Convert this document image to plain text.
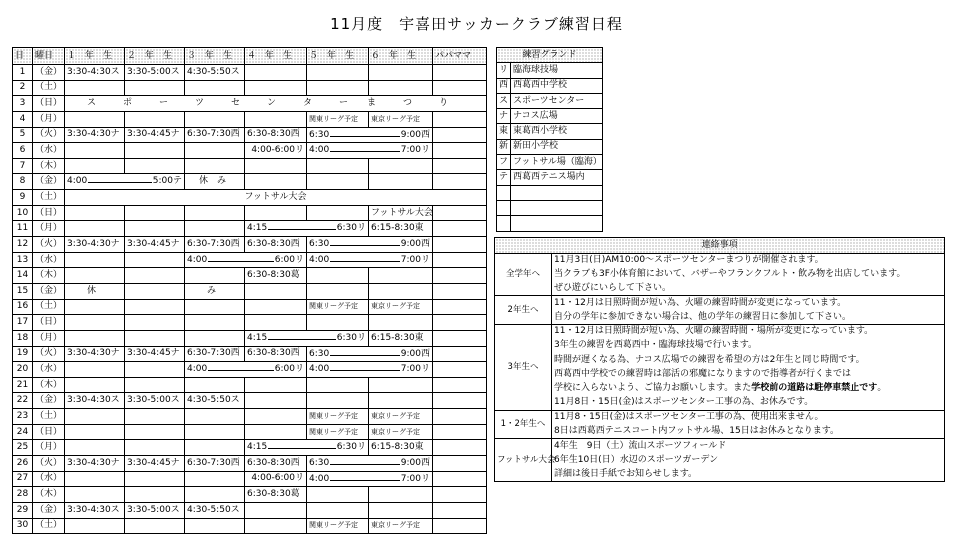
11月度　宇喜田サッカークラブ練習日程
日	曜日	１　年　生	２　年　生	３　年　生	４　年　生	５　年　生	６　年　生	パパママ	
1	（金）	3:30-4:30ス	3:30-5:00ス	4:30-5:50ス					
2	（土）								
3	（日）	ス ポ ー ツ セ ン タ ー ま つ り							
4	（月）					関東リーグ予定	東京リーグ予定		
5	（火）	3:30-4:30ナ	3:30-4:45ナ	6:30-7:30西	6:30-8:30西	6:30 9:00西			

6	（水）				4:00-6:00リ	4:00 7:00リ			

7	（木）								
8	（金）	4:00 5:00テ		休　み					
9	（土）	フットサル大会							
10	（日）						フットサル大会		
11	（月）				4:15 6:30リ		6:15-8:30東		
12	（火）	3:30-4:30ナ	3:30-4:45ナ	6:30-7:30西	6:30-8:30西	6:30 9:00西			

13	（水）			4:00 6:00リ		4:00 7:00リ			

14	（木）				6:30-8:30葛				
15	（金）	休		み					
16	（土）					関東リーグ予定	東京リーグ予定		
17	（日）								
18	（月）				4:15 6:30リ		6:15-8:30東		
19	（火）	3:30-4:30ナ	3:30-4:45ナ	6:30-7:30西	6:30-8:30西	6:30 9:00西			

20	（水）			4:00 6:00リ		4:00 7:00リ			

21	（木）								
22	（金）	3:30-4:30ス	3:30-5:00ス	4:30-5:50ス					
23	（土）					関東リーグ予定	東京リーグ予定		
24	（日）					関東リーグ予定	東京リーグ予定		
25	（月）				4:15 6:30リ		6:15-8:30東		
26	（火）	3:30-4:30ナ	3:30-4:45ナ	6:30-7:30西	6:30-8:30西	6:30 9:00西			

27	（水）				4:00-6:00リ	4:00 7:00リ			

28	（木）				6:30-8:30葛				
29	（金）	3:30-4:30ス	3:30-5:00ス	4:30-5:50ス					
30	（土）					関東リーグ予定	東京リーグ予定		
練習グランド	
リ	臨海球技場
西	西葛西中学校
ス	スポーツセンター
ナ	ナコス広場
東	東葛西小学校
新	新田小学校
フ	フットサル場（臨海）
テ	西葛西テニス場内

連絡事項	
全学年へ	11月3日(日)AM10:00〜スポーツセンターまつりが開催されます。
	当クラブも3F小体育館において、バザーやフランクフルト・飲み物を出店しています。
	ぜひ遊びにいらして下さい。
2年生へ	11・12月は日照時間が短い為、火曜の練習時間が変更になっています。
	自分の学年に参加できない場合は、他の学年の練習日に参加して下さい。
3年生へ	11・12月は日照時間が短い為、火曜の練習時間・場所が変更になっています。
	3年生の練習を西葛西中・臨海球技場で行います。
	時間が遅くなる為、ナコス広場での練習を希望の方は2年生と同じ時間です。
	西葛西中学校での練習時は部活の邪魔になりますので指導者が行くまでは
	学校に入らないよう、ご協力お願いします。また学校前の道路は駐停車禁止です。
	11月8日・15日(金)はスポーツセンター工事の為、お休みです。
1・2年生へ	11月8・15日(金)はスポーツセンター工事の為、使用出来ません。
	8日は西葛西テニスコート内フットサル場、15日はお休みとなります。
フットサル大会	4年生　9日（土）流山スポーツフィールド
	6年生10日(日）水辺のスポーツガーデン
	詳細は後日手紙でお知らせします。
